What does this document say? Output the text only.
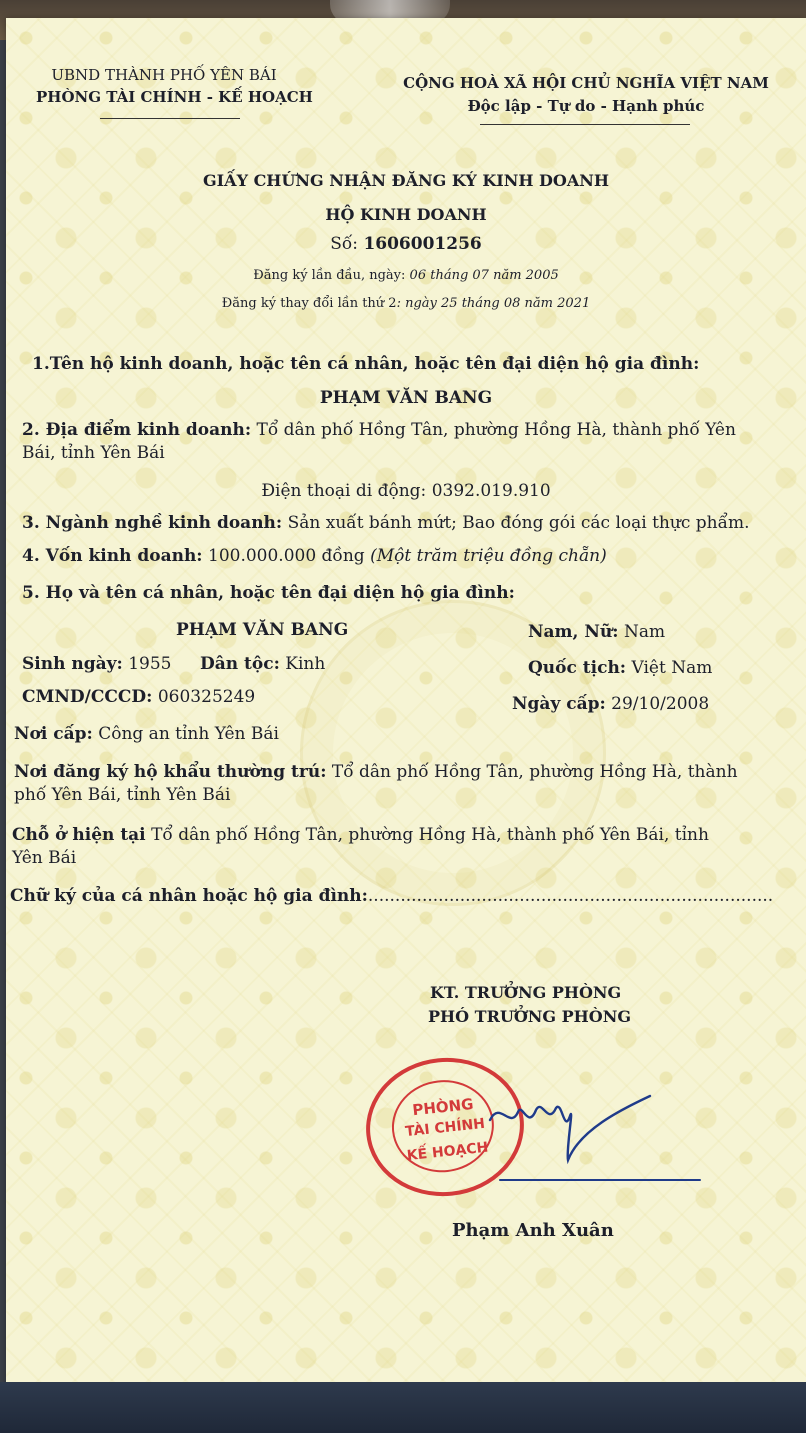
UBND THÀNH PHỐ YÊN BÁI
PHÒNG TÀI CHÍNH - KẾ HOẠCH
CỘNG HOÀ XÃ HỘI CHỦ NGHĨA VIỆT NAM
Độc lập - Tự do - Hạnh phúc
GIẤY CHỨNG NHẬN ĐĂNG KÝ KINH DOANH
HỘ KINH DOANH
Số: 1606001256
Đăng ký lần đầu, ngày: 06 tháng 07 năm 2005
Đăng ký thay đổi lần thứ 2: ngày 25 tháng 08 năm 2021
1.Tên hộ kinh doanh, hoặc tên cá nhân, hoặc tên đại diện hộ gia đình:
PHẠM VĂN BANG
2. Địa điểm kinh doanh: Tổ dân phố Hồng Tân, phường Hồng Hà, thành phố Yên
Bái, tỉnh Yên Bái
Điện thoại di động: 0392.019.910
3. Ngành nghề kinh doanh: Sản xuất bánh mứt; Bao đóng gói các loại thực phẩm.
4. Vốn kinh doanh: 100.000.000 đồng (Một trăm triệu đồng chẵn)
5. Họ và tên cá nhân, hoặc tên đại diện hộ gia đình:
PHẠM VĂN BANG	Nam, Nữ: Nam
Sinh ngày: 1955 Dân tộc: Kinh	Quốc tịch: Việt Nam
CMND/CCCD: 060325249	Ngày cấp: 29/10/2008
Nơi cấp: Công an tỉnh Yên Bái
Nơi đăng ký hộ khẩu thường trú: Tổ dân phố Hồng Tân, phường Hồng Hà, thành
phố Yên Bái, tỉnh Yên Bái
Chỗ ở hiện tại Tổ dân phố Hồng Tân, phường Hồng Hà, thành phố Yên Bái, tỉnh
Yên Bái
Chữ ký của cá nhân hoặc hộ gia đình:...........................................................................
KT. TRƯỞNG PHÒNG
PHÓ TRƯỞNG PHÒNG
PHÒNG
TÀI CHÍNH
KẾ HOẠCH
Phạm Anh Xuân
